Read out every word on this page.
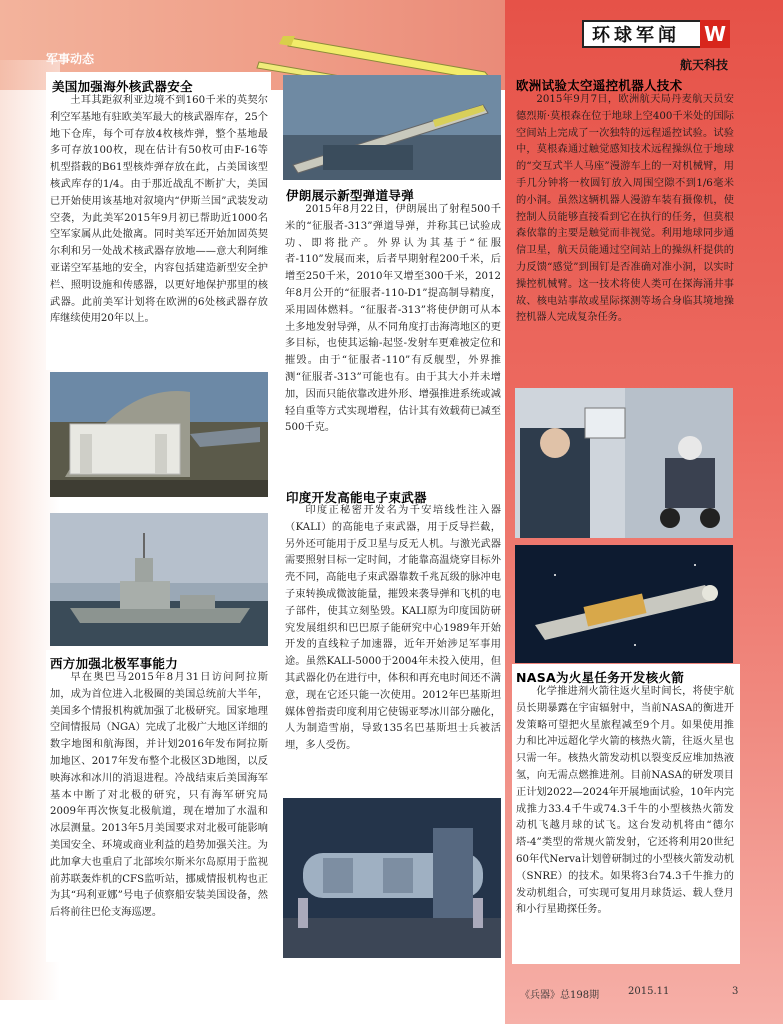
环球军闻 W
军事动态	航天科技
美国加强海外核武器安全
土耳其距叙利亚边境不到160千米的英契尔利空军基地有驻欧美军最大的核武器库存，25个地下仓库，每个可存放4枚核炸弹，整个基地最多可存放100枚，现在估计有50枚可由F-16等机型搭载的B61型核炸弹存放在此，占美国该型核武库存的1/4。由于那近战乱不断扩大，美国已开始使用该基地对叙境内“伊斯兰国”武装发动空袭，为此美军2015年9月初已帮助近1000名空军家属从此处撤离。同时美军还开始加固英契尔利和另一处战术核武器存放地——意大利阿维亚诺空军基地的安全，内容包括建造新型安全护栏、照明设施和传感器，以更好地保护那里的核武器。此前美军计划将在欧洲的6处核武器存放库继续使用20年以上。
西方加强北极军事能力
早在奥巴马2015年8月31日访问阿拉斯加，成为首位进入北极圈的美国总统前大半年，美国多个情报机构就加强了北极研究。国家地理空间情报局（NGA）完成了北极广大地区详细的数字地图和航海图，并计划2016年发布阿拉斯加地区、2017年发布整个北极区3D地图，以反映海冰和冰川的消退进程。冷战结束后美国海军基本中断了对北极的研究，只有海军研究局2009年再次恢复北极航道，现在增加了水温和冰层测量。2013年5月美国要求对北极可能影响美国安全、环境或商业利益的趋势加强关注。为此加拿大也重启了北部埃尔斯米尔岛原用于监视前苏联轰炸机的CFS监听站，挪威情报机构也正为其“玛利亚娜”号电子侦察船安装美国设备，然后将前往巴伦支海巡逻。
伊朗展示新型弹道导弹
2015年8月22日，伊朗展出了射程500千米的“征服者-313”弹道导弹，并称其已试验成功、即将批产。外界认为其基于“征服者-110”发展而来，后者早期射程200千米，后增至250千米，2010年又增至300千米，2012年8月公开的“征服者-110-D1”提高制导精度，采用固体燃料。“征服者-313”将使伊朗可从本土多地发射导弹，从不同角度打击海湾地区的更多目标，也使其运输-起竖-发射车更难被定位和摧毁。由于“征服者-110”有反舰型，外界推测“征服者-313”可能也有。由于其大小并未增加，因而只能依靠改进外形、增强推进系统或减轻自重等方式实现增程，估计其有效载荷已减至500千克。
印度开发高能电子束武器
印度正秘密开发名为千安培线性注入器（KALI）的高能电子束武器，用于反导拦截，另外还可能用于反卫星与反无人机。与激光武器需要照射目标一定时间，才能靠高温烧穿目标外壳不同，高能电子束武器靠数千兆瓦级的脉冲电子束转换成微波能量，摧毁来袭导弹和飞机的电子部件，使其立刻坠毁。KALI原为印度国防研究发展组织和巴巴原子能研究中心1989年开始开发的直线粒子加速器，近年开始涉足军事用途。虽然KALI-5000于2004年未投入使用，但其武器化仍在进行中，体积和再充电时间还不满意，现在它还只能一次使用。2012年巴基斯坦媒体曾指责印度利用它使锡亚琴冰川部分融化，人为制造雪崩，导致135名巴基斯坦士兵被活埋，多人受伤。
欧洲试验太空遥控机器人技术
2015年9月7日，欧洲航天局丹麦航天员安德烈斯·莫根森在位于地球上空400千米处的国际空间站上完成了一次独特的远程遥控试验。试验中，莫根森通过触觉感知技术远程操纵位于地球的“交互式半人马座”漫游车上的一对机械臂，用手几分钟将一枚圆钉放入周围空隙不到1/6毫米的小洞。虽然这辆机器人漫游车装有摄像机，使控制人员能够直接看到它在执行的任务，但莫根森依靠的主要是触觉而非视觉。利用地球同步通信卫星，航天员能通过空间站上的操纵杆提供的力反馈“感觉”到围钉是否准确对准小洞，以实时操控机械臂。这一技术将使人类可在探海涌井事故、核电站事故或星际探测等场合身临其境地操控机器人完成复杂任务。
NASA为火星任务开发核火箭
化学推进剂火箭往返火星时间长，将使宇航员长期暴露在宇宙辐射中，当前NASA的衡进开发策略可望把火星旅程减至9个月。如果使用推力和比冲远超化学火箭的核热火箭，往返火星也只需一年。核热火箭发动机以裂变反应堆加热液氢，向无需点燃推进剂。目前NASA的研发项目正计划2022—2024年开展地面试验，10年内完成推力33.4千牛或74.3千牛的小型核热火箭发动机飞越月球的试飞。这台发动机将由“德尔塔-4”类型的常规火箭发射，它还将利用20世纪60年代Nerva计划曾研制过的小型核火箭发动机（SNRE）的技术。如果将3台74.3千牛推力的发动机组合，可实现可复用月球货运、载人登月和小行星勘探任务。
《兵器》总198期	2015.11	3
